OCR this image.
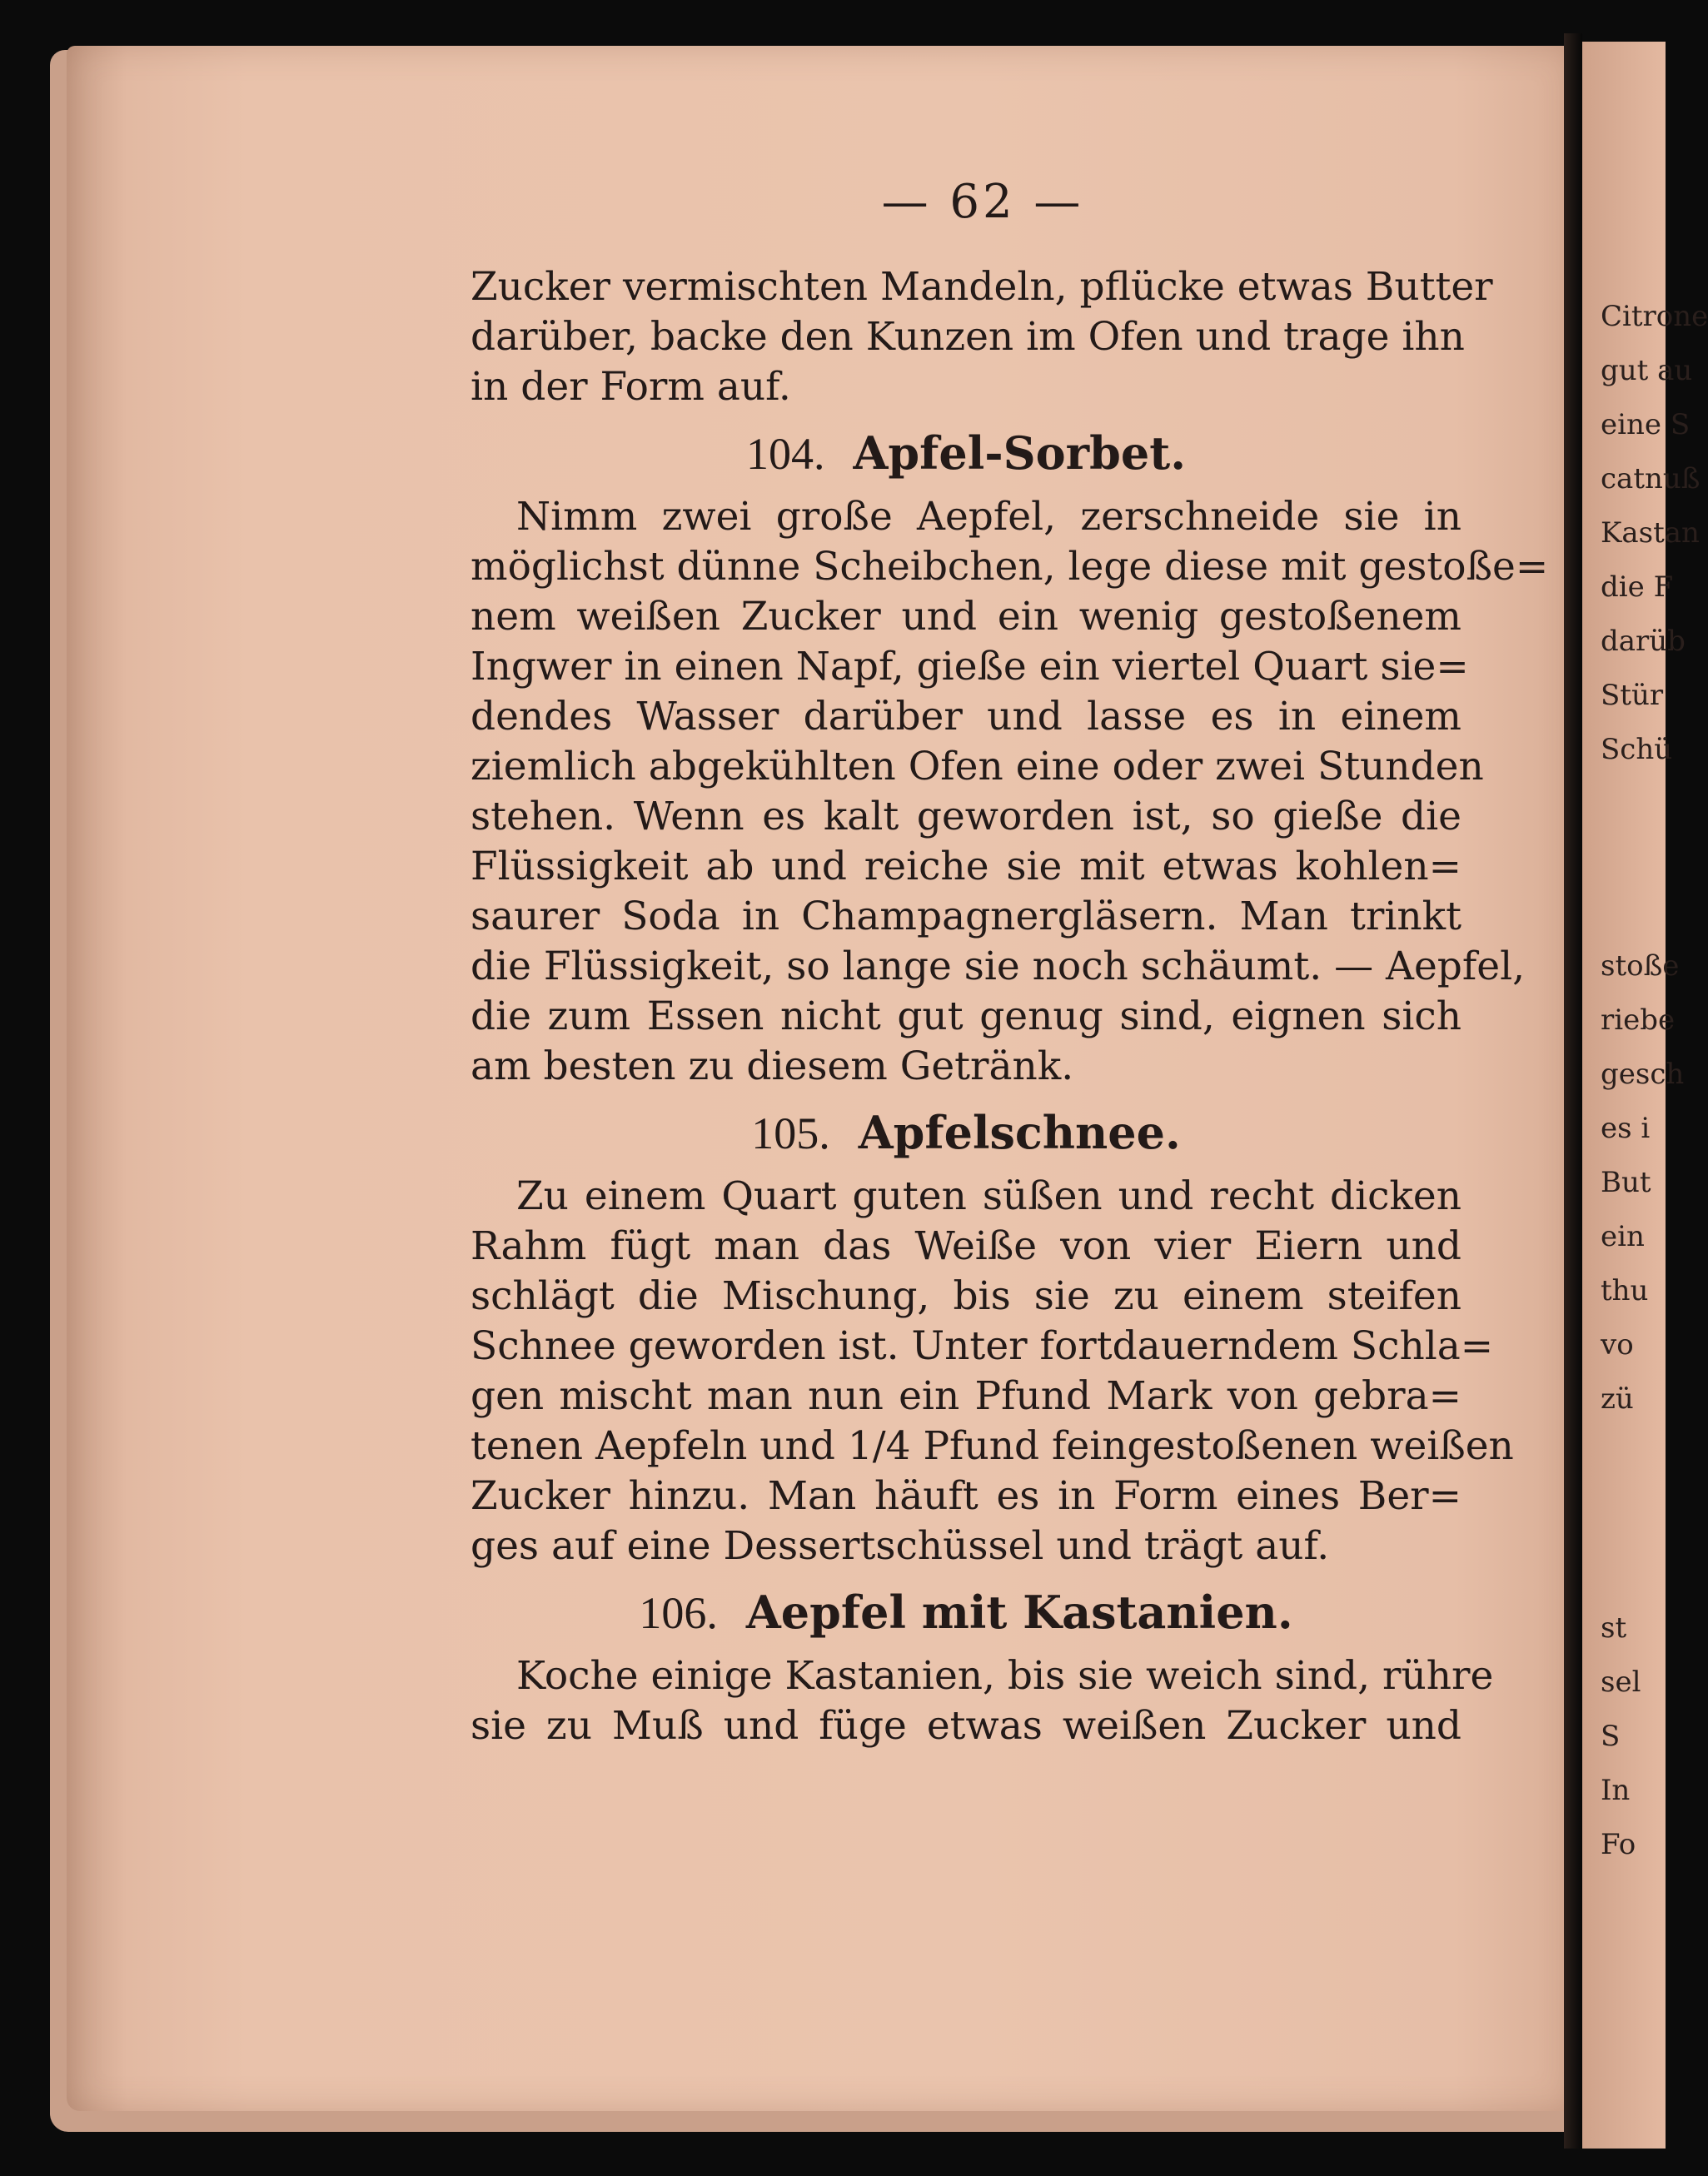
Citrone
gut au
eine S
catnuß
Kastan
die F
darüb
Stür
Schü
stoße
riebe
gesch
es i
But
ein
thu
vo
zü
st
sel
S
In
Fo
— 62 —
Zucker vermischten Mandeln, pflücke etwas Butter
darüber, backe den Kunzen im Ofen und trage ihn
in der Form auf.
104. Apfel-Sorbet.
Nimm zwei große Aepfel, zerschneide sie in
möglichst dünne Scheibchen, lege diese mit gestoße=
nem weißen Zucker und ein wenig gestoßenem
Ingwer in einen Napf, gieße ein viertel Quart sie=
dendes Wasser darüber und lasse es in einem
ziemlich abgekühlten Ofen eine oder zwei Stunden
stehen. Wenn es kalt geworden ist, so gieße die
Flüssigkeit ab und reiche sie mit etwas kohlen=
saurer Soda in Champagnergläsern. Man trinkt
die Flüssigkeit, so lange sie noch schäumt. — Aepfel,
die zum Essen nicht gut genug sind, eignen sich
am besten zu diesem Getränk.
105. Apfelschnee.
Zu einem Quart guten süßen und recht dicken
Rahm fügt man das Weiße von vier Eiern und
schlägt die Mischung, bis sie zu einem steifen
Schnee geworden ist. Unter fortdauerndem Schla=
gen mischt man nun ein Pfund Mark von gebra=
tenen Aepfeln und 1/4 Pfund feingestoßenen weißen
Zucker hinzu. Man häuft es in Form eines Ber=
ges auf eine Dessertschüssel und trägt auf.
106. Aepfel mit Kastanien.
Koche einige Kastanien, bis sie weich sind, rühre
sie zu Muß und füge etwas weißen Zucker und
